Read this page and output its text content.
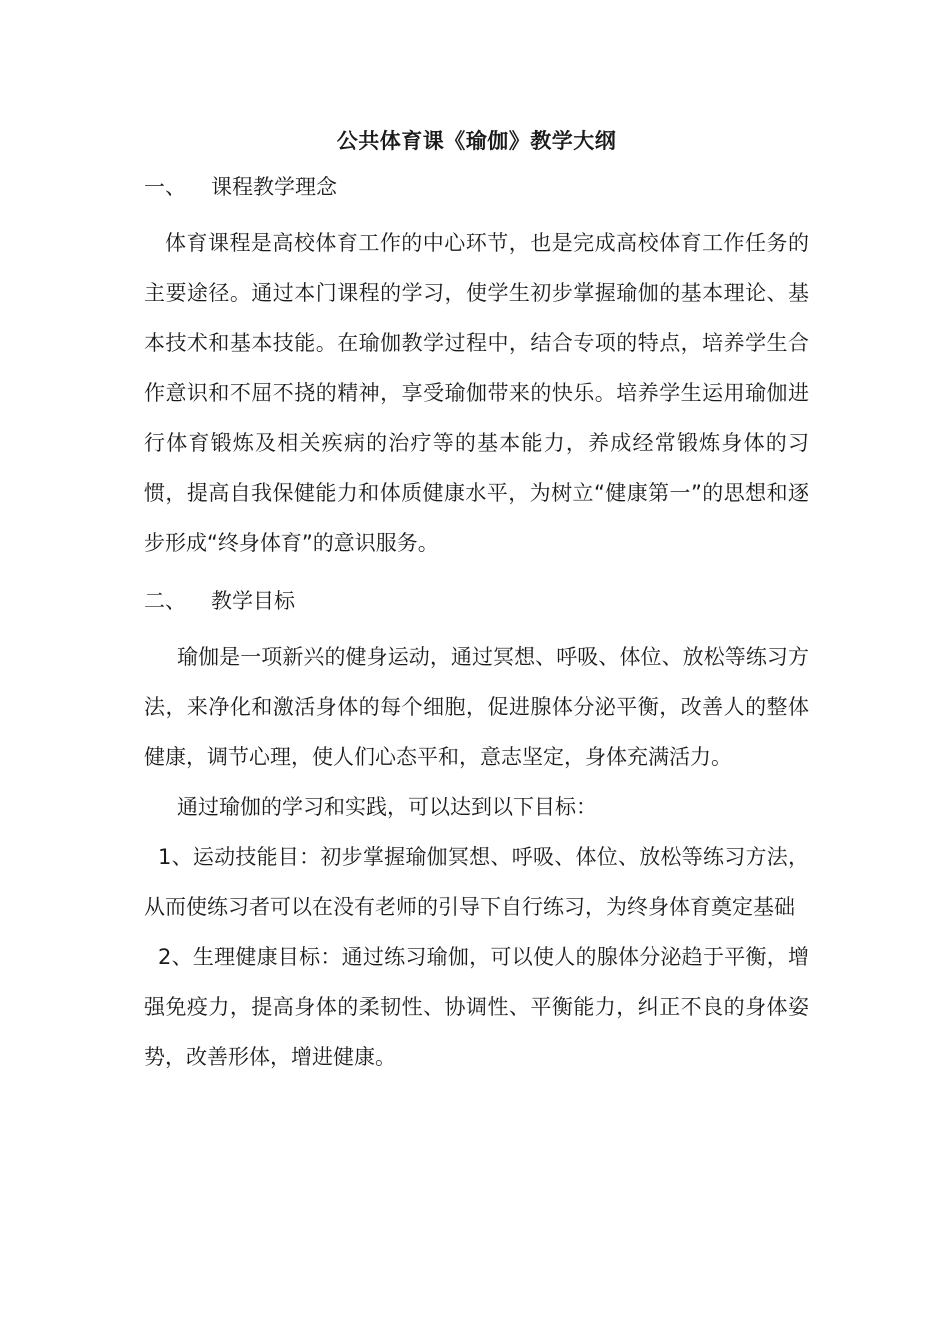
公共体育课《瑜伽》教学大纲
一、 课程教学理念

体育课程是高校体育工作的中心环节，也是完成高校体育工作任务的主要途径。通过本门课程的学习，使学生初步掌握瑜伽的基本理论、基本技术和基本技能。在瑜伽教学过程中，结合专项的特点，培养学生合作意识和不屈不挠的精神，享受瑜伽带来的快乐。培养学生运用瑜伽进行体育锻炼及相关疾病的治疗等的基本能力，养成经常锻炼身体的习惯，提高自我保健能力和体质健康水平，为树立“健康第一”的思想和逐步形成“终身体育”的意识服务。

二、 教学目标

瑜伽是一项新兴的健身运动，通过冥想、呼吸、体位、放松等练习方法，来净化和激活身体的每个细胞，促进腺体分泌平衡，改善人的整体健康，调节心理，使人们心态平和，意志坚定，身体充满活力。

通过瑜伽的学习和实践，可以达到以下目标：

1、运动技能目：初步掌握瑜伽冥想、呼吸、体位、放松等练习方法，从而使练习者可以在没有老师的引导下自行练习，为终身体育奠定基础

2、生理健康目标：通过练习瑜伽，可以使人的腺体分泌趋于平衡，增强免疫力，提高身体的柔韧性、协调性、平衡能力，纠正不良的身体姿势，改善形体，增进健康。
